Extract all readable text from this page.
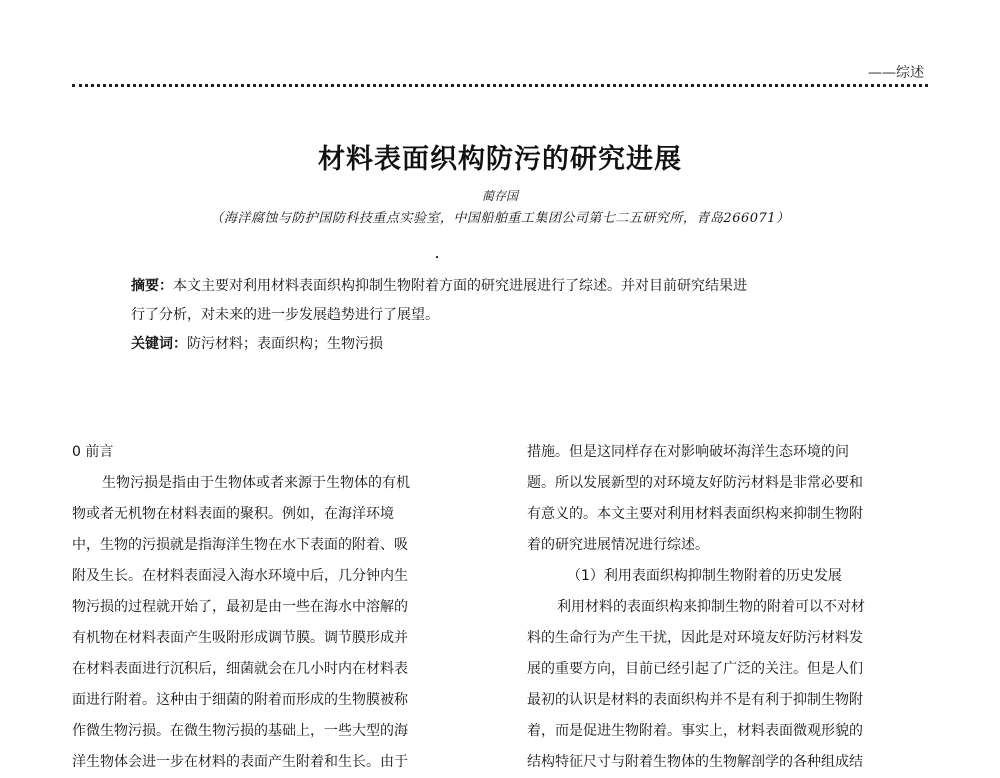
——综述
材料表面织构防污的研究进展
蔺存国
（海洋腐蚀与防护国防科技重点实验室，中国船舶重工集团公司第七二五研究所，青岛266071）
摘要：本文主要对利用材料表面织构抑制生物附着方面的研究进展进行了综述。并对目前研究结果进
行了分析，对未来的进一步发展趋势进行了展望。
关键词：防污材料；表面织构；生物污损
0 前言
生物污损是指由于生物体或者来源于生物体的有机
物或者无机物在材料表面的聚积。例如，在海洋环境
中，生物的污损就是指海洋生物在水下表面的附着、吸
附及生长。在材料表面浸入海水环境中后，几分钟内生
物污损的过程就开始了，最初是由一些在海水中溶解的
有机物在材料表面产生吸附形成调节膜。调节膜形成并
在材料表面进行沉积后，细菌就会在几小时内在材料表
面进行附着。这种由于细菌的附着而形成的生物膜被称
作微生物污损。在微生物污损的基础上，一些大型的海
洋生物体会进一步在材料的表面产生附着和生长。由于
措施。但是这同样存在对影响破坏海洋生态环境的问
题。所以发展新型的对环境友好防污材料是非常必要和
有意义的。本文主要对利用材料表面织构来抑制生物附
着的研究进展情况进行综述。
（1）利用表面织构抑制生物附着的历史发展
利用材料的表面织构来抑制生物的附着可以不对材
料的生命行为产生干扰，因此是对环境友好防污材料发
展的重要方向，目前已经引起了广泛的关注。但是人们
最初的认识是材料的表面织构并不是有利于抑制生物附
着，而是促进生物附着。事实上，材料表面微观形貌的
结构特征尺寸与附着生物体的生物解剖学的各种组成结
